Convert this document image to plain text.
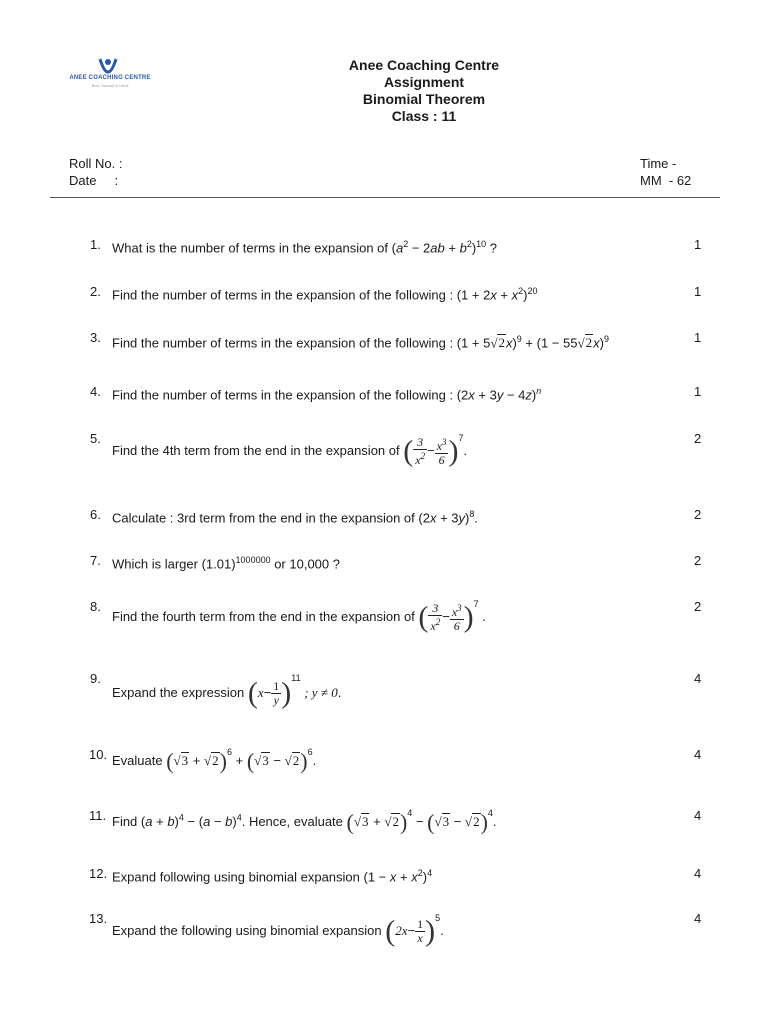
ANEE COACHING CENTRE
Best Tutorial in Hindi
Anee Coaching Centre
Assignment
Binomial Theorem
Class : 11
Roll No. :
Date     :
Time -
MM  - 62
1. What is the number of terms in the expansion of $(a^2 - 2ab + b^2)^{10}$ ?	1
2. Find the number of terms in the expansion of the following : $(1 + 2x + x^2)^{20}$	1
3. Find the number of terms in the expansion of the following : $(1 + 5√2x)^9 + (1 - 55√2x)^9$	1
4. Find the number of terms in the expansion of the following : $(2x + 3y - 4z)^n$	1
5.
Find the 4th term from the end in the expansion of ( $\frac{3}{x^2} - \frac{x^3}{6} )^7$.
2
6. Calculate : 3rd term from the end in the expansion of $(2x + 3y)^8$.	2
7. Which is larger $(1.01)^{1000000}$ or 10,000 ?	2
8.
Find the fourth term from the end in the expansion of ( $\frac{3}{x^2} - \frac{x^3}{6} )^7$ .
2
9.
Expand the expression $(x- \frac{1}{y} )^{11}$ ; y ≠ 0.
4
10. Evaluate $(√3 + √2)^6 + (√3 - √2)^6$.	4
11. Find $(a + b)^4 - (a - b)^4$. Hence, evaluate $(√3 + √2)^4 - (√3 - √2)^4$.	4
12. Expand following using binomial expansion $(1 - x + x^2)^4$	4
13.
Expand the following using binomial expansion $(2x- \frac{1}{x} )^5$.
4
